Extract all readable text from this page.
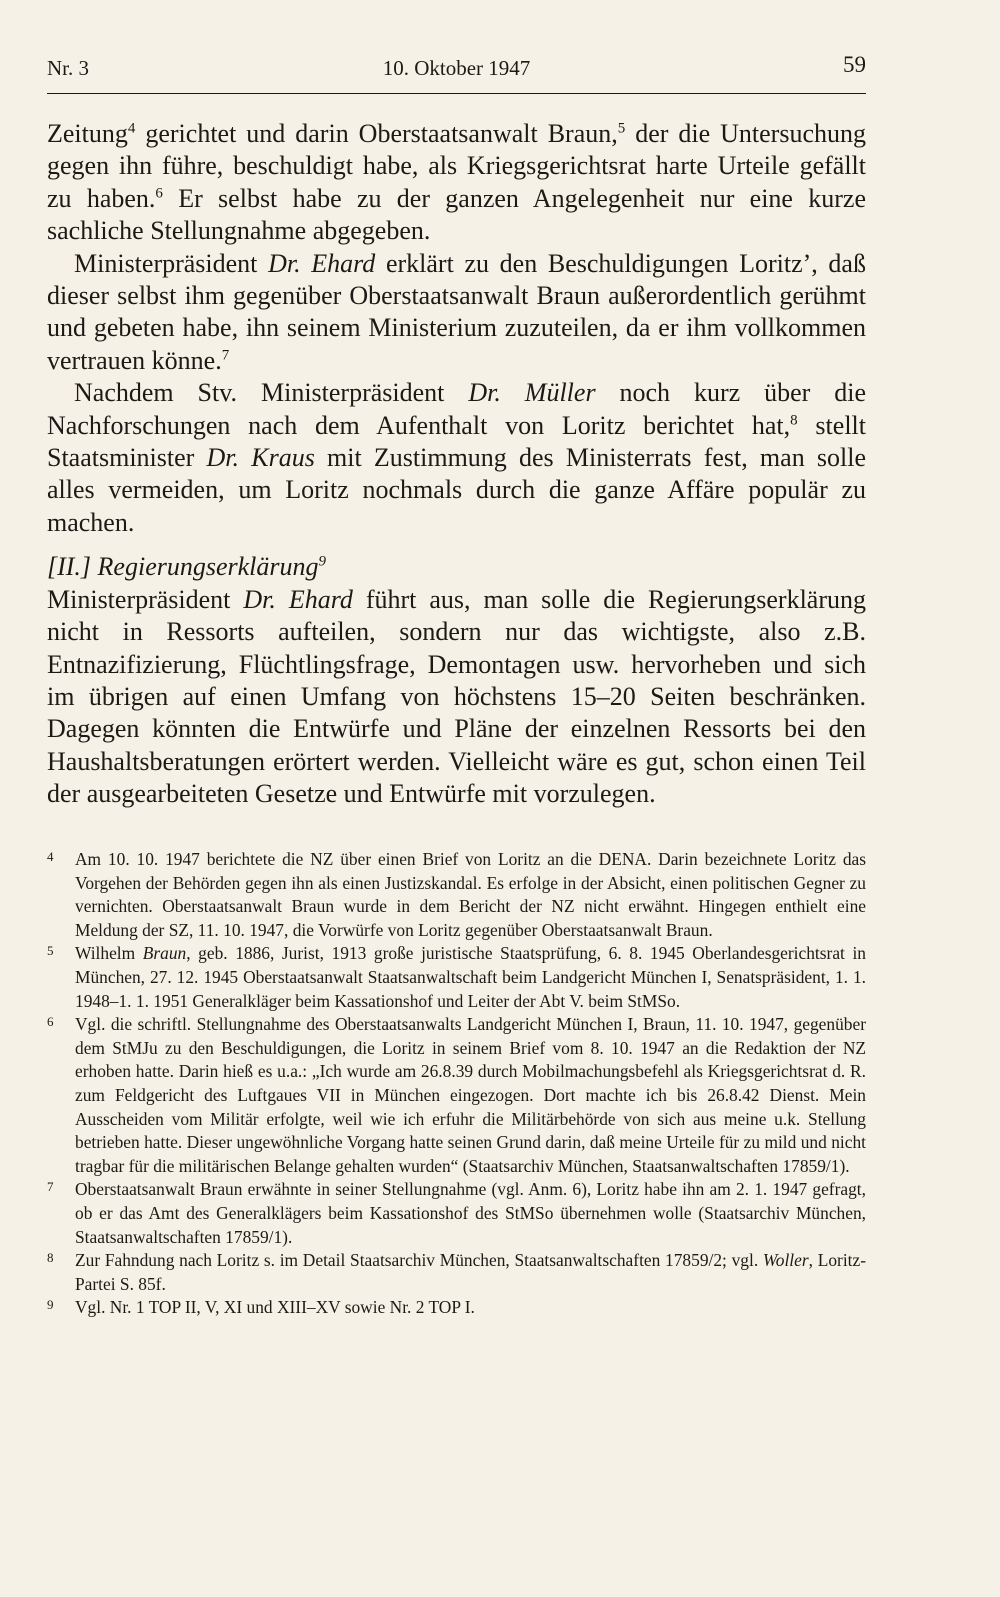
Nr. 3	10. Oktober 1947	59

Zeitung$^4$ gerichtet und darin Oberstaatsanwalt Braun,$^5$ der die Untersuchung gegen ihn führe, beschuldigt habe, als Kriegsgerichtsrat harte Urteile gefällt zu haben.$^6$ Er selbst habe zu der ganzen Angelegenheit nur eine kurze sachliche Stellungnahme abgegeben.

Ministerpräsident Dr. Ehard erklärt zu den Beschuldigungen Loritz’, daß dieser selbst ihm gegenüber Oberstaatsanwalt Braun außerordentlich gerühmt und gebeten habe, ihn seinem Ministerium zuzuteilen, da er ihm vollkommen vertrauen könne.$^7$

Nachdem Stv. Ministerpräsident Dr. Müller noch kurz über die Nachforschungen nach dem Aufenthalt von Loritz berichtet hat,$^8$ stellt Staatsminister Dr. Kraus mit Zustimmung des Ministerrats fest, man solle alles vermeiden, um Loritz nochmals durch die ganze Affäre populär zu machen.

[II.] Regierungserklärung$^9$

Ministerpräsident Dr. Ehard führt aus, man solle die Regierungserklärung nicht in Ressorts aufteilen, sondern nur das wichtigste, also z.B. Entnazifizierung, Flüchtlingsfrage, Demontagen usw. hervorheben und sich im übrigen auf einen Umfang von höchstens 15–20 Seiten beschränken. Dagegen könnten die Entwürfe und Pläne der einzelnen Ressorts bei den Haushaltsberatungen erörtert werden. Vielleicht wäre es gut, schon einen Teil der ausgearbeiteten Gesetze und Entwürfe mit vorzulegen.

4 Am 10. 10. 1947 berichtete die NZ über einen Brief von Loritz an die DENA. Darin bezeichnete Loritz das Vorgehen der Behörden gegen ihn als einen Justizskandal. Es erfolge in der Absicht, einen politischen Gegner zu vernichten. Oberstaatsanwalt Braun wurde in dem Bericht der NZ nicht erwähnt. Hingegen enthielt eine Meldung der SZ, 11. 10. 1947, die Vorwürfe von Loritz gegenüber Oberstaatsanwalt Braun.
5 Wilhelm Braun, geb. 1886, Jurist, 1913 große juristische Staatsprüfung, 6. 8. 1945 Oberlandesgerichtsrat in München, 27. 12. 1945 Oberstaatsanwalt Staatsanwaltschaft beim Landgericht München I, Senatspräsident, 1. 1. 1948–1. 1. 1951 Generalkläger beim Kassationshof und Leiter der Abt V. beim StMSo.
6 Vgl. die schriftl. Stellungnahme des Oberstaatsanwalts Landgericht München I, Braun, 11. 10. 1947, gegenüber dem StMJu zu den Beschuldigungen, die Loritz in seinem Brief vom 8. 10. 1947 an die Redaktion der NZ erhoben hatte. Darin hieß es u.a.: „Ich wurde am 26.8.39 durch Mobilmachungsbefehl als Kriegsgerichtsrat d. R. zum Feldgericht des Luftgaues VII in München eingezogen. Dort machte ich bis 26.8.42 Dienst. Mein Ausscheiden vom Militär erfolgte, weil wie ich erfuhr die Militärbehörde von sich aus meine u.k. Stellung betrieben hatte. Dieser ungewöhnliche Vorgang hatte seinen Grund darin, daß meine Urteile für zu mild und nicht tragbar für die militärischen Belange gehalten wurden“ (Staatsarchiv München, Staatsanwaltschaften 17859/1).
7 Oberstaatsanwalt Braun erwähnte in seiner Stellungnahme (vgl. Anm. 6), Loritz habe ihn am 2. 1. 1947 gefragt, ob er das Amt des Generalklägers beim Kassationshof des StMSo übernehmen wolle (Staatsarchiv München, Staatsanwaltschaften 17859/1).
8 Zur Fahndung nach Loritz s. im Detail Staatsarchiv München, Staatsanwaltschaften 17859/2; vgl. Woller, Loritz-Partei S. 85f.
9 Vgl. Nr. 1 TOP II, V, XI und XIII–XV sowie Nr. 2 TOP I.
